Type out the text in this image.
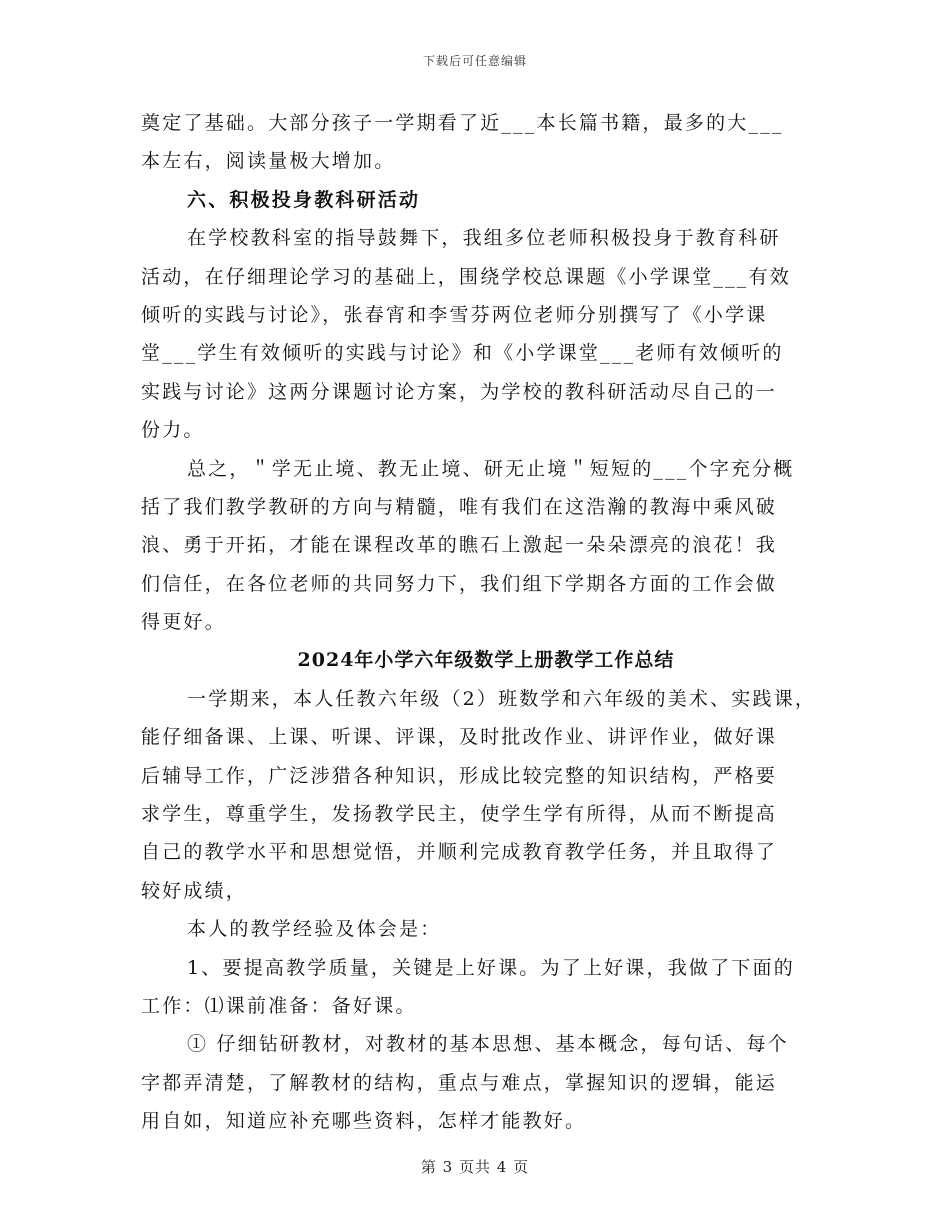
下载后可任意编辑
奠定了基础。大部分孩子一学期看了近___本长篇书籍，最多的大___
本左右，阅读量极大增加。
六、积极投身教科研活动
在学校教科室的指导鼓舞下，我组多位老师积极投身于教育科研
活动，在仔细理论学习的基础上，围绕学校总课题《小学课堂___有效
倾听的实践与讨论》，张春宵和李雪芬两位老师分别撰写了《小学课
堂___学生有效倾听的实践与讨论》和《小学课堂___老师有效倾听的
实践与讨论》这两分课题讨论方案，为学校的教科研活动尽自己的一
份力。
总之，＂学无止境、教无止境、研无止境＂短短的___个字充分概
括了我们教学教研的方向与精髓，唯有我们在这浩瀚的教海中乘风破
浪、勇于开拓，才能在课程改革的瞧石上激起一朵朵漂亮的浪花！我
们信任，在各位老师的共同努力下，我们组下学期各方面的工作会做
得更好。
2024年小学六年级数学上册教学工作总结
一学期来，本人任教六年级（2）班数学和六年级的美术、实践课，
能仔细备课、上课、听课、评课，及时批改作业、讲评作业，做好课
后辅导工作，广泛涉猎各种知识，形成比较完整的知识结构，严格要
求学生，尊重学生，发扬教学民主，使学生学有所得，从而不断提高
自己的教学水平和思想觉悟，并顺利完成教育教学任务，并且取得了
较好成绩，
本人的教学经验及体会是：
1、要提高教学质量，关键是上好课。为了上好课，我做了下面的
工作：⑴课前准备：备好课。
① 仔细钻研教材，对教材的基本思想、基本概念，每句话、每个
字都弄清楚，了解教材的结构，重点与难点，掌握知识的逻辑，能运
用自如，知道应补充哪些资料，怎样才能教好。
第 3 页共 4 页
